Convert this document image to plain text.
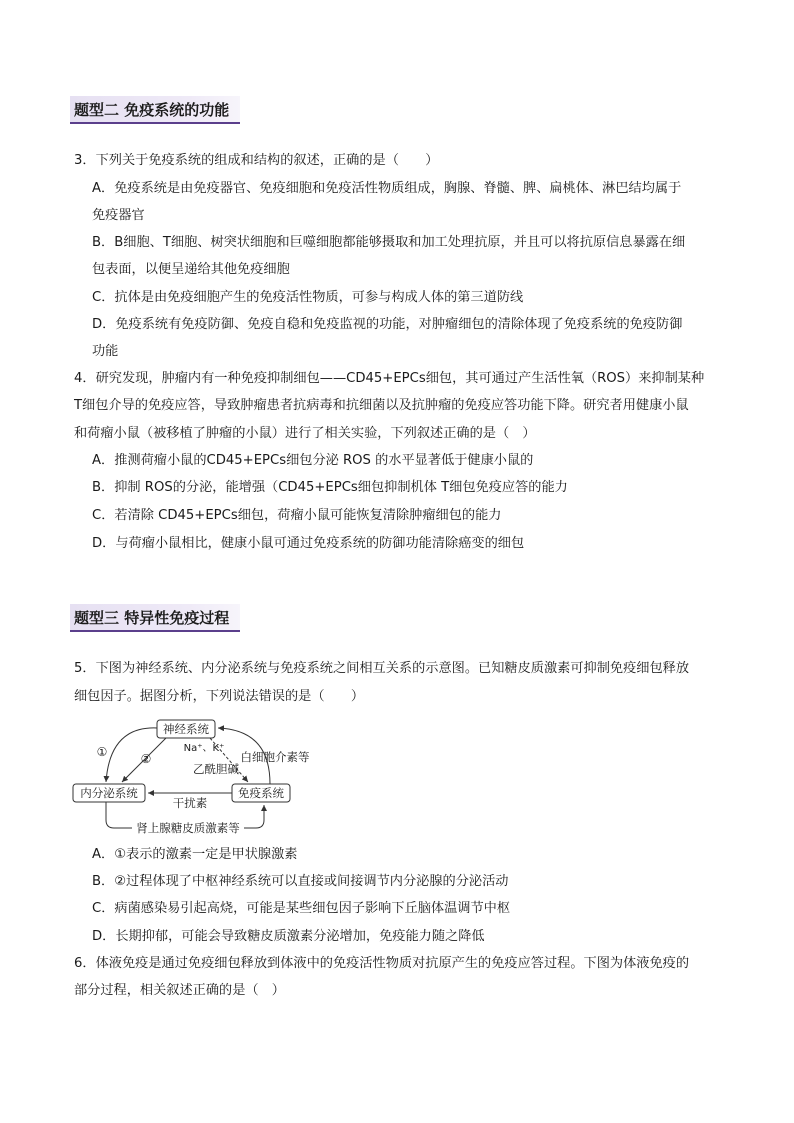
题型二 免疫系统的功能
3．下列关于免疫系统的组成和结构的叙述，正确的是（　　）
A．免疫系统是由免疫器官、免疫细胞和免疫活性物质组成，胸腺、脊髓、脾、扁桃体、淋巴结均属于
免疫器官
B．B细胞、T细胞、树突状细胞和巨噬细胞都能够摄取和加工处理抗原，并且可以将抗原信息暴露在细
包表面，以便呈递给其他免疫细胞
C．抗体是由免疫细胞产生的免疫活性物质，可参与构成人体的第三道防线
D．免疫系统有免疫防御、免疫自稳和免疫监视的功能，对肿瘤细包的清除体现了免疫系统的免疫防御
功能
4．研究发现，肿瘤内有一种免疫抑制细包——CD45+EPCs细包，其可通过产生活性氧（ROS）来抑制某种
T细包介导的免疫应答，导致肿瘤患者抗病毒和抗细菌以及抗肿瘤的免疫应答功能下降。研究者用健康小鼠
和荷瘤小鼠（被移植了肿瘤的小鼠）进行了相关实验，下列叙述正确的是（　）
A．推测荷瘤小鼠的CD45+EPCs细包分泌 ROS 的水平显著低于健康小鼠的
B．抑制 ROS的分泌，能增强（CD45+EPCs细包抑制机体 T细包免疫应答的能力
C．若清除 CD45+EPCs细包，荷瘤小鼠可能恢复清除肿瘤细包的能力
D．与荷瘤小鼠相比，健康小鼠可通过免疫系统的防御功能清除癌变的细包
题型三 特异性免疫过程
5．下图为神经系统、内分泌系统与免疫系统之间相互关系的示意图。已知糖皮质激素可抑制免疫细包释放
细包因子。据图分析，下列说法错误的是（　　）
神经系统
内分泌系统	免疫系统
①	②
Na⁺、K⁺
乙酰胆碱
白细胞介素等
干扰素
肾上腺糖皮质激素等
A．①表示的激素一定是甲状腺激素
B．②过程体现了中枢神经系统可以直接或间接调节内分泌腺的分泌活动
C．病菌感染易引起高烧，可能是某些细包因子影响下丘脑体温调节中枢
D．长期抑郁，可能会导致糖皮质激素分泌增加，免疫能力随之降低
6．体液免疫是通过免疫细包释放到体液中的免疫活性物质对抗原产生的免疫应答过程。下图为体液免疫的
部分过程，相关叙述正确的是（　）
